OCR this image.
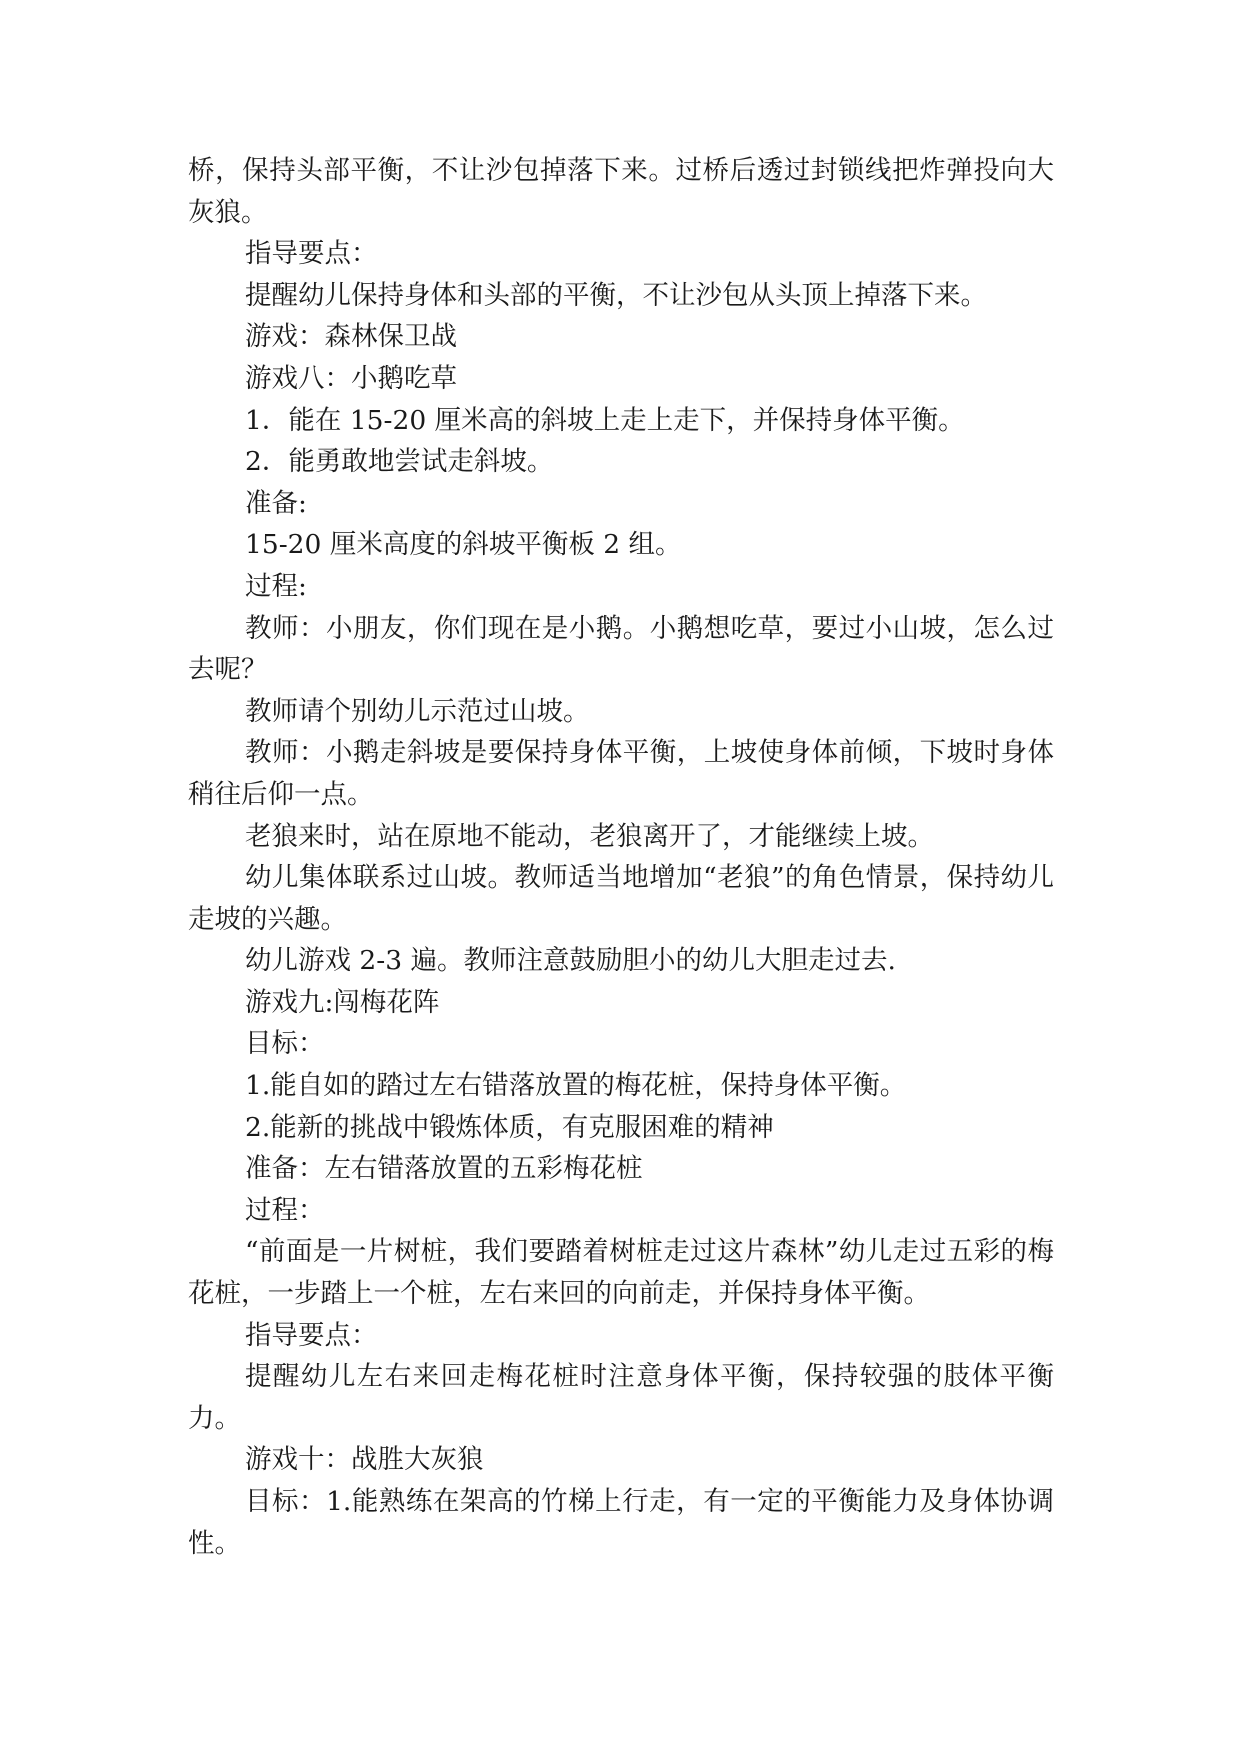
桥，保持头部平衡，不让沙包掉落下来。过桥后透过封锁线把炸弹投向大灰狼。

指导要点：

提醒幼儿保持身体和头部的平衡，不让沙包从头顶上掉落下来。

游戏：森林保卫战

游戏八：小鹅吃草

1．能在 15-20 厘米高的斜坡上走上走下，并保持身体平衡。

2．能勇敢地尝试走斜坡。

准备:

15-20 厘米高度的斜坡平衡板 2 组。

过程:

教师：小朋友，你们现在是小鹅。小鹅想吃草，要过小山坡，怎么过去呢？

教师请个别幼儿示范过山坡。

教师：小鹅走斜坡是要保持身体平衡，上坡使身体前倾，下坡时身体稍往后仰一点。

老狼来时，站在原地不能动，老狼离开了，才能继续上坡。

幼儿集体联系过山坡。教师适当地增加“老狼”的角色情景，保持幼儿走坡的兴趣。

幼儿游戏 2-3 遍。教师注意鼓励胆小的幼儿大胆走过去.

游戏九:闯梅花阵

目标：

1.能自如的踏过左右错落放置的梅花桩，保持身体平衡。

2.能新的挑战中锻炼体质，有克服困难的精神

准备：左右错落放置的五彩梅花桩

过程：

“前面是一片树桩，我们要踏着树桩走过这片森林”幼儿走过五彩的梅花桩，一步踏上一个桩，左右来回的向前走，并保持身体平衡。

指导要点：

提醒幼儿左右来回走梅花桩时注意身体平衡，保持较强的肢体平衡力。

游戏十：战胜大灰狼

目标：1.能熟练在架高的竹梯上行走，有一定的平衡能力及身体协调性。
